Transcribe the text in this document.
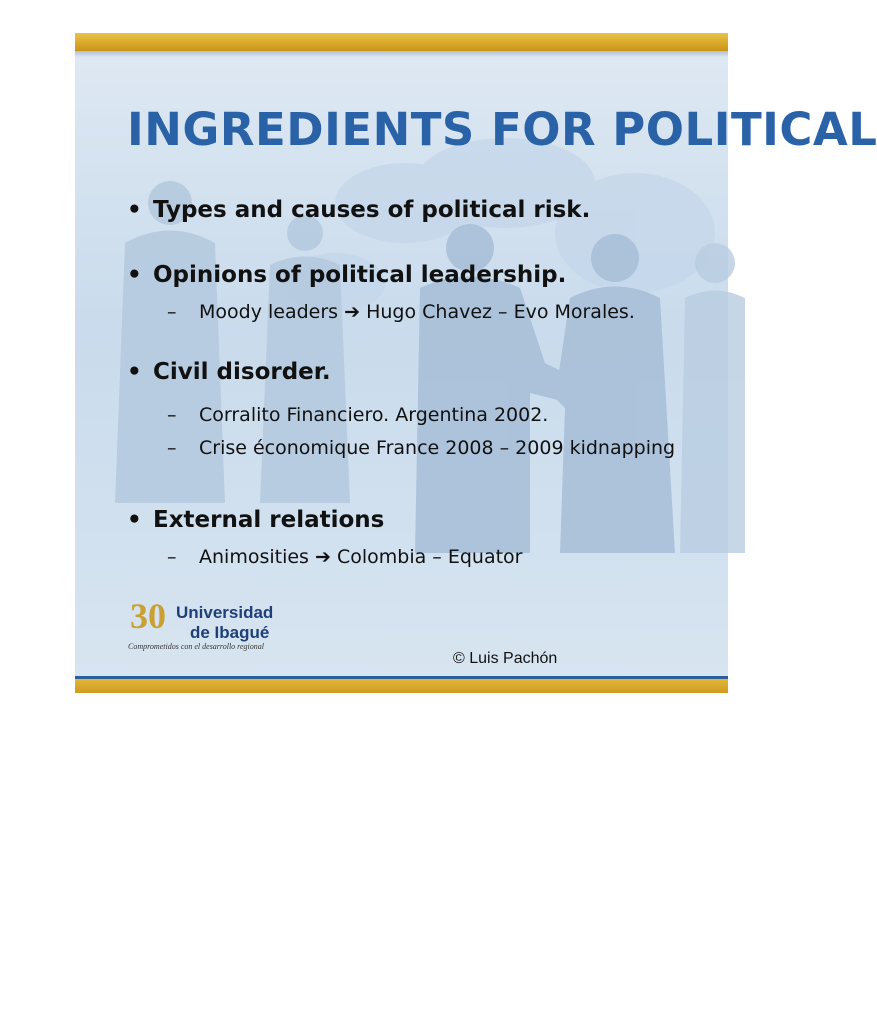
INGREDIENTS FOR POLITICAL
• Types and causes of political risk.
• Opinions of political leadership.
– Moody leaders ➔ Hugo Chavez – Evo Morales.
• Civil disorder.
– Corralito Financiero. Argentina 2002.
– Crise économique France 2008 – 2009 kidnapping
• External relations
– Animosities ➔ Colombia – Equator
30 Universidad
de Ibagué
Comprometidos con el desarrollo regional
© Luis Pachón
